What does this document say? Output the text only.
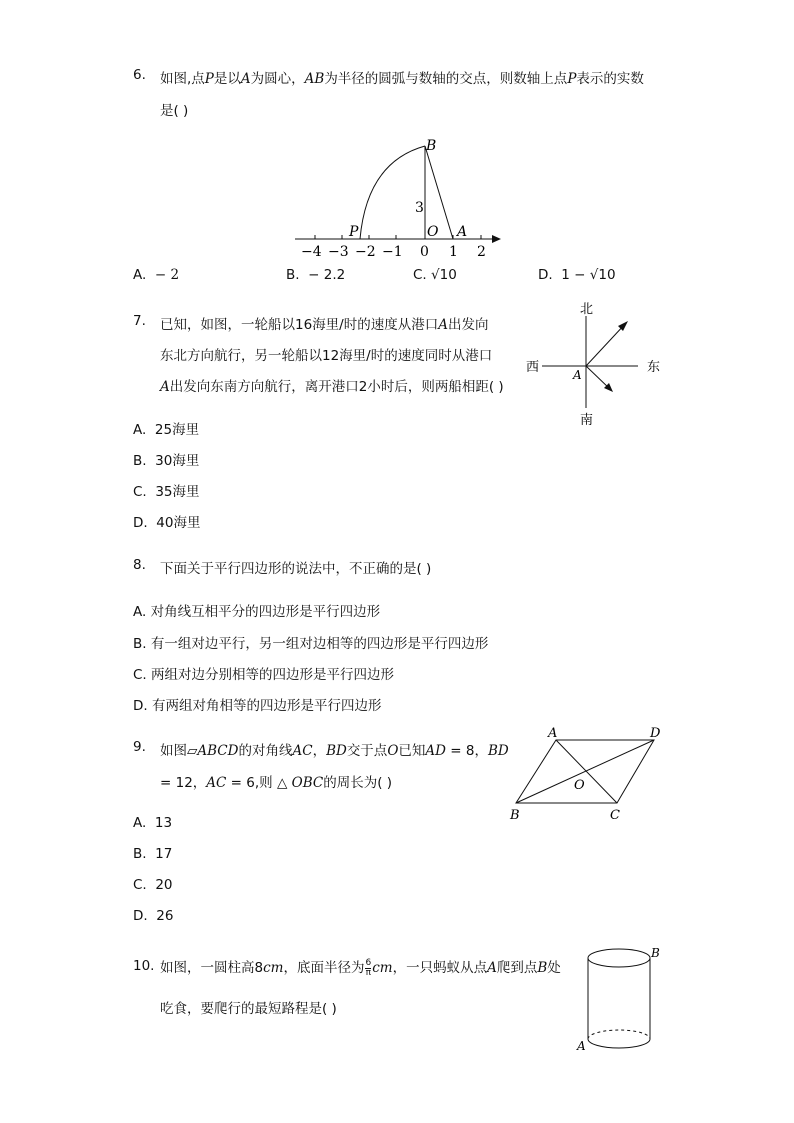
6. 如图,点P是以A为圆心，AB为半径的圆弧与数轴的交点，则数轴上点P表示的实数
是( )
B
P	O A
3
−4 −3 −2 −1 0 1 2
A. − 2	B. − 2.2	C. √10	D. 1 − √10
7. 已知，如图，一轮船以16海里/时的速度从港口A出发向
东北方向航行，另一轮船以12海里/时的速度同时从港口
A出发向东南方向航行，离开港口2小时后，则两船相距( )
北
南
西	东
A
A. 25海里
B. 30海里
C. 35海里
D. 40海里
8. 下面关于平行四边形的说法中，不正确的是( )
A. 对角线互相平分的四边形是平行四边形
B. 有一组对边平行，另一组对边相等的四边形是平行四边形
C. 两组对边分别相等的四边形是平行四边形
D. 有两组对角相等的四边形是平行四边形
9. 如图▱ABCD的对角线AC，BD交于点O已知AD = 8，BD
= 12，AC = 6,则 △ OBC的周长为( )
A	D
B	C
O
A. 13
B. 17
C. 20
D. 26
10. 如图，一圆柱高8cm，底面半径为 $\frac{6}{\pi}$ cm，一只蚂蚁从点A爬到点B处
吃食，要爬行的最短路程是( )
B
A
